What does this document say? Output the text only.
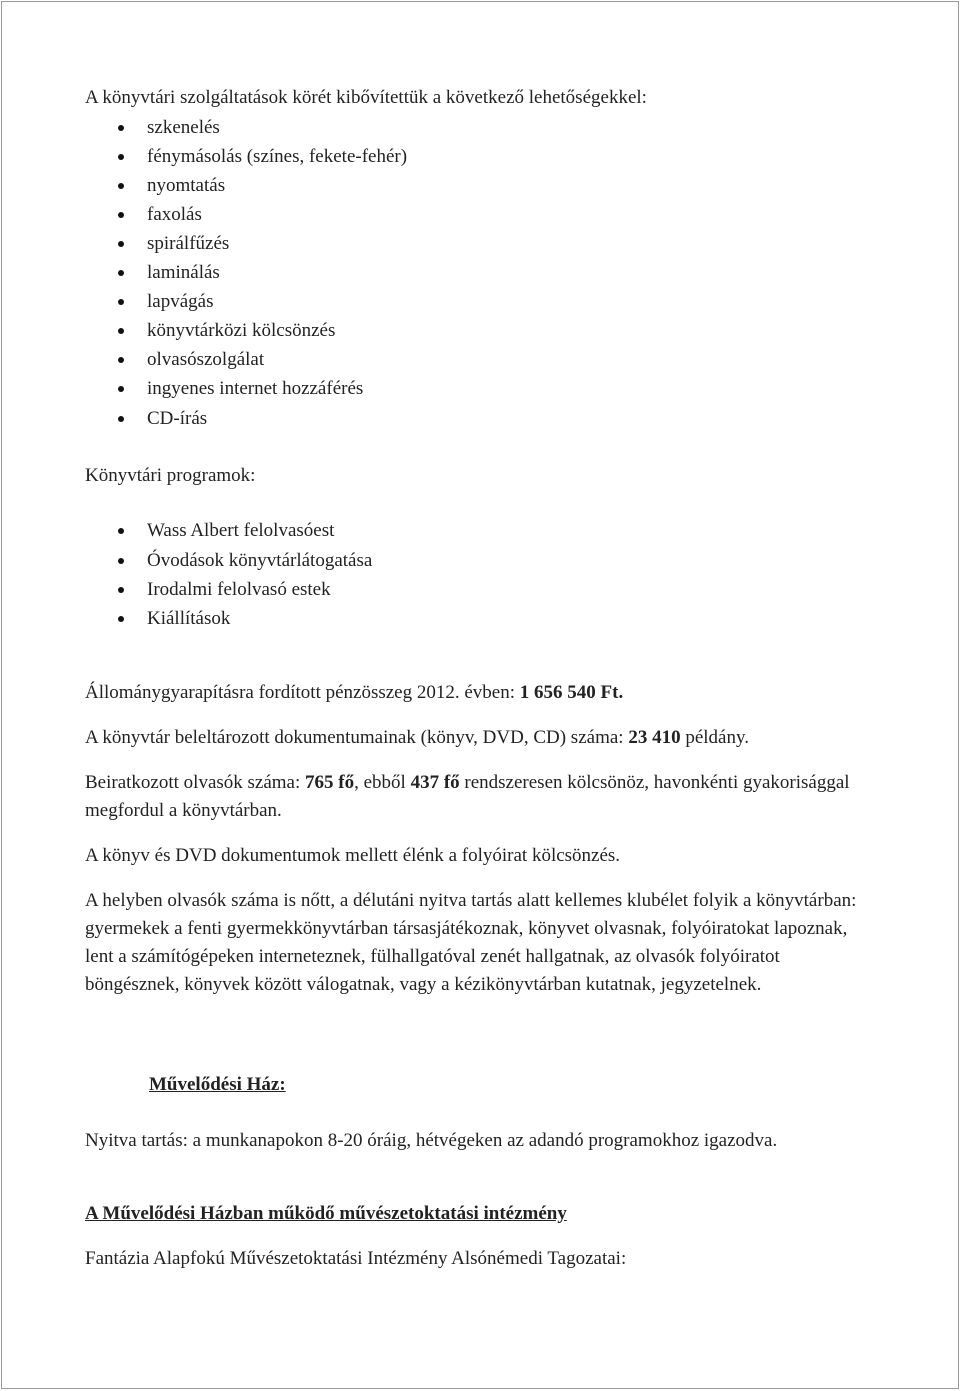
A könyvtári szolgáltatások körét kibővítettük a következő lehetőségekkel:
szkenelés
fénymásolás (színes, fekete-fehér)
nyomtatás
faxolás
spirálfűzés
laminálás
lapvágás
könyvtárközi kölcsönzés
olvasószolgálat
ingyenes internet hozzáférés
CD-írás
Könyvtári programok:
Wass Albert felolvasóest
Óvodások könyvtárlátogatása
Irodalmi felolvasó estek
Kiállítások
Állománygyarapításra fordított pénzösszeg 2012. évben: 1 656 540 Ft.
A könyvtár beleltározott dokumentumainak (könyv, DVD, CD) száma: 23 410 példány.
Beiratkozott olvasók száma: 765 fő, ebből 437 fő rendszeresen kölcsönöz, havonkénti gyakorisággal megfordul a könyvtárban.
A könyv és DVD dokumentumok mellett élénk a folyóirat kölcsönzés.
A helyben olvasók száma is nőtt, a délutáni nyitva tartás alatt kellemes klubélet folyik a könyvtárban: gyermekek a fenti gyermekkönyvtárban társasjátékoznak, könyvet olvasnak, folyóiratokat lapoznak, lent a számítógépeken interneteznek, fülhallgatóval zenét hallgatnak, az olvasók folyóiratot böngésznek, könyvek között válogatnak, vagy a kézikönyvtárban kutatnak, jegyzetelnek.
Művelődési Ház:
Nyitva tartás: a munkanapokon 8-20 óráig, hétvégeken az adandó programokhoz igazodva.
A Művelődési Házban működő művészetoktatási intézmény
Fantázia Alapfokú Művészetoktatási Intézmény Alsónémedi Tagozatai:
